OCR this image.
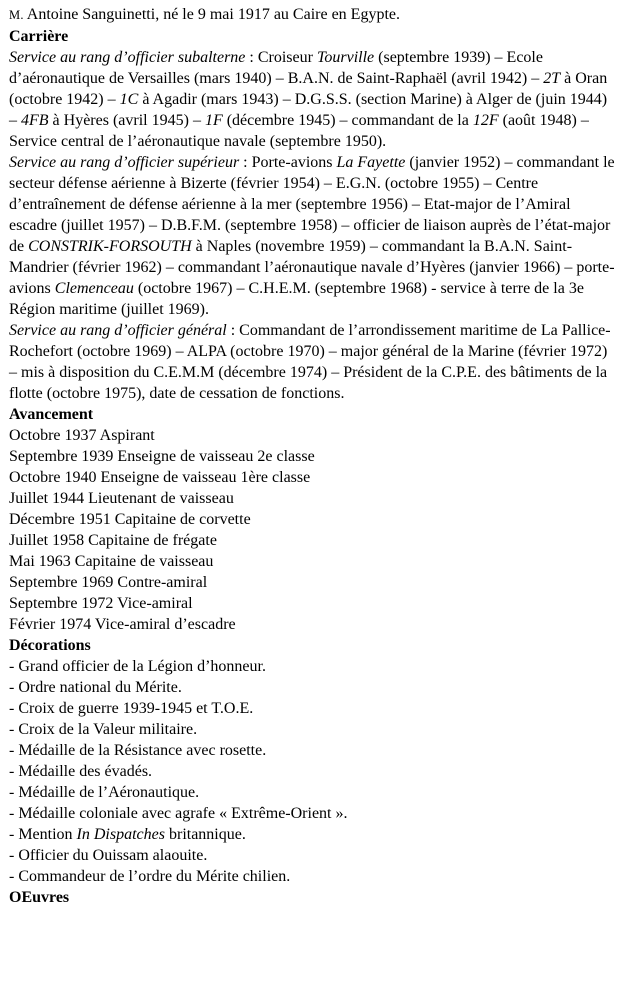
M. Antoine Sanguinetti, né le 9 mai 1917 au Caire en Egypte.

Carrière

Service au rang d’officier subalterne : Croiseur Tourville (septembre 1939) – Ecole d’aéronautique de Versailles (mars 1940) – B.A.N. de Saint-Raphaël (avril 1942) – 2T à Oran (octobre 1942) – 1C à Agadir (mars 1943) – D.G.S.S. (section Marine) à Alger de (juin 1944) – 4FB à Hyères (avril 1945) – 1F (décembre 1945) – commandant de la 12F (août 1948) – Service central de l’aéronautique navale (septembre 1950).

Service au rang d’officier supérieur : Porte-avions La Fayette (janvier 1952) – commandant le secteur défense aérienne à Bizerte (février 1954) – E.G.N. (octobre 1955) – Centre d’entraînement de défense aérienne à la mer (septembre 1956) – Etat-major de l’Amiral escadre (juillet 1957) – D.B.F.M. (septembre 1958) – officier de liaison auprès de l’état-major de CONSTRIK-FORSOUTH à Naples (novembre 1959) – commandant la B.A.N. Saint-Mandrier (février 1962) – commandant l’aéronautique navale d’Hyères (janvier 1966) – porte-avions Clemenceau (octobre 1967) – C.H.E.M. (septembre 1968) - service à terre de la 3e Région maritime (juillet 1969).

Service au rang d’officier général : Commandant de l’arrondissement maritime de La Pallice-Rochefort (octobre 1969) – ALPA (octobre 1970) – major général de la Marine (février 1972) – mis à disposition du C.E.M.M (décembre 1974) – Président de la C.P.E. des bâtiments de la flotte (octobre 1975), date de cessation de fonctions.

Avancement

Octobre 1937 Aspirant

Septembre 1939 Enseigne de vaisseau 2e classe

Octobre 1940 Enseigne de vaisseau 1ère classe

Juillet 1944 Lieutenant de vaisseau

Décembre 1951 Capitaine de corvette

Juillet 1958 Capitaine de frégate

Mai 1963 Capitaine de vaisseau

Septembre 1969 Contre-amiral

Septembre 1972 Vice-amiral

Février 1974 Vice-amiral d’escadre

Décorations

- Grand officier de la Légion d’honneur.

- Ordre national du Mérite.

- Croix de guerre 1939-1945 et T.O.E.

- Croix de la Valeur militaire.

- Médaille de la Résistance avec rosette.

- Médaille des évadés.

- Médaille de l’Aéronautique.

- Médaille coloniale avec agrafe « Extrême-Orient ».

- Mention In Dispatches britannique.

- Officier du Ouissam alaouite.

- Commandeur de l’ordre du Mérite chilien.

OEuvres
